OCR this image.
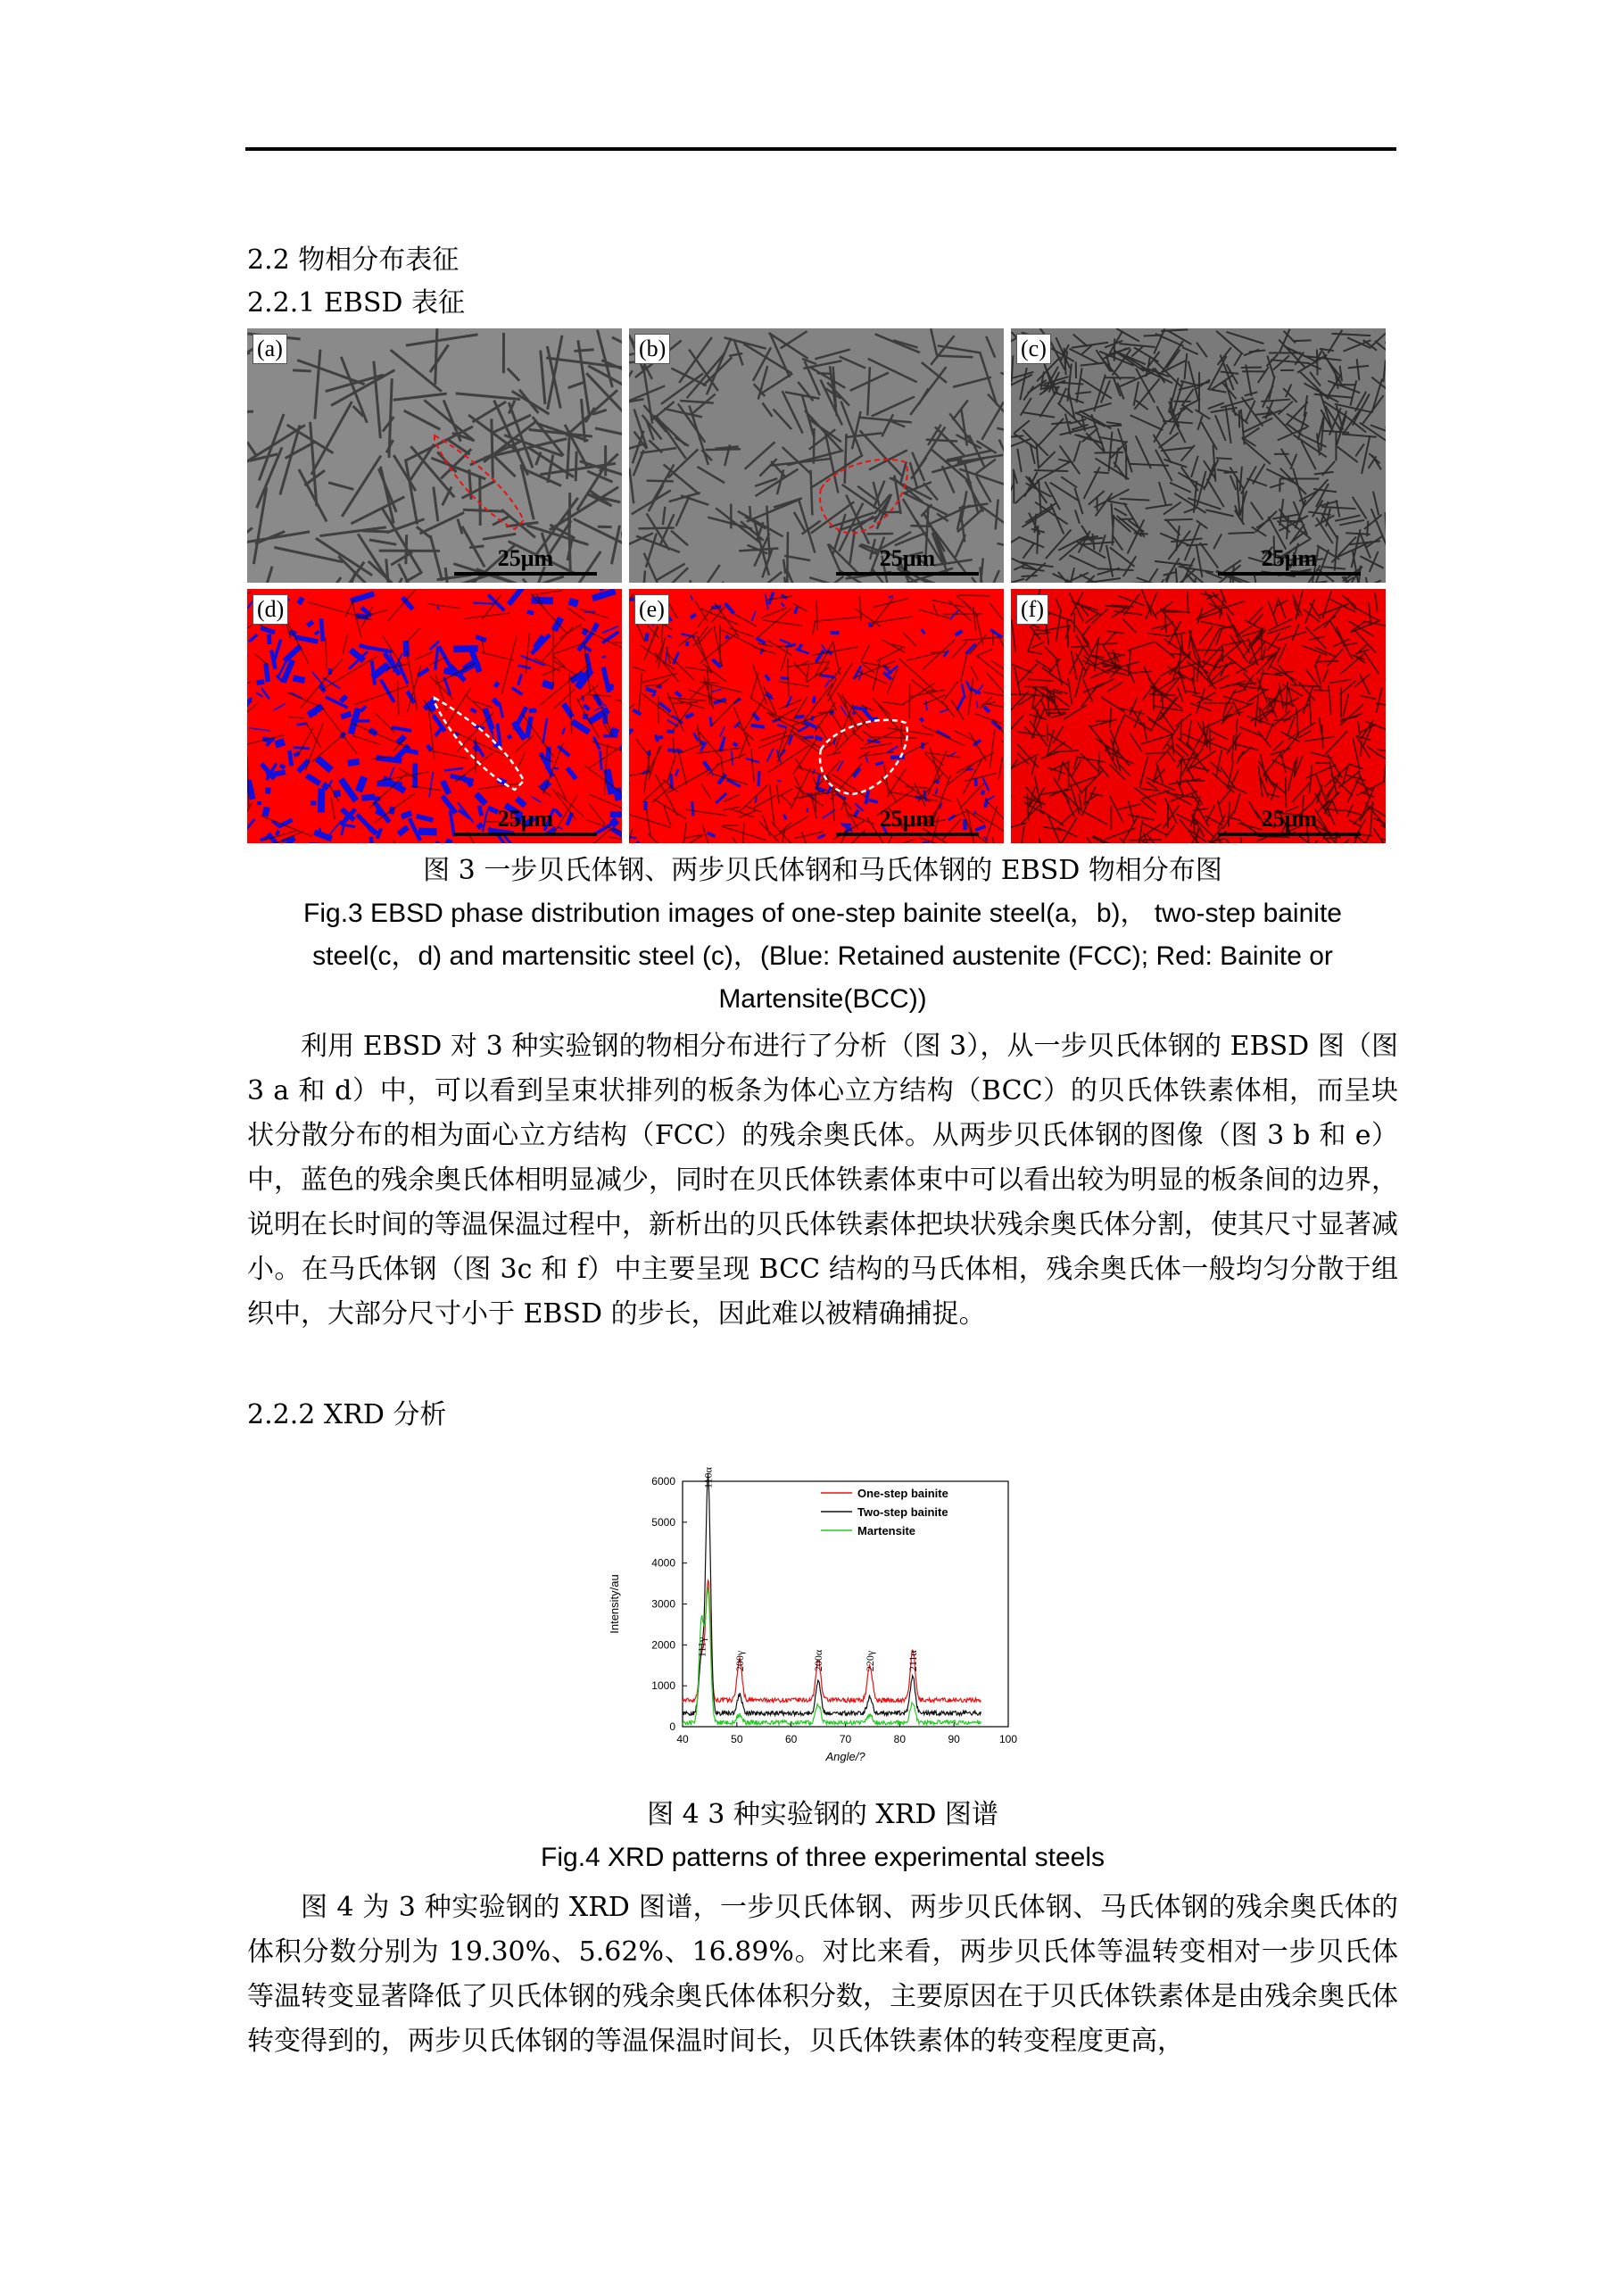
2.2 物相分布表征
2.2.1 EBSD 表征
(a)
25μm
(b)
25μm
(c)
25μm
(d)
25μm
(e)
25μm
(f)
25μm
图 3 一步贝氏体钢、两步贝氏体钢和马氏体钢的 EBSD 物相分布图
Fig.3 EBSD phase distribution images of one-step bainite steel(a，b)， two-step bainite steel(c，d) and martensitic steel (c)，(Blue: Retained austenite (FCC); Red: Bainite or Martensite(BCC))

利用 EBSD 对 3 种实验钢的物相分布进行了分析（图 3），从一步贝氏体钢的 EBSD 图（图 3 a 和 d）中，可以看到呈束状排列的板条为体心立方结构（BCC）的贝氏体铁素体相，而呈块状分散分布的相为面心立方结构（FCC）的残余奥氏体。从两步贝氏体钢的图像（图 3 b 和 e）中，蓝色的残余奥氏体相明显减少，同时在贝氏体铁素体束中可以看出较为明显的板条间的边界，说明在长时间的等温保温过程中，新析出的贝氏体铁素体把块状残余奥氏体分割，使其尺寸显著减小。在马氏体钢（图 3c 和 f）中主要呈现 BCC 结构的马氏体相，残余奥氏体一般均匀分散于组织中，大部分尺寸小于 EBSD 的步长，因此难以被精确捕捉。

2.2.2 XRD 分析
40	50	60	70	80	90	100
0
1000
2000
3000
4000
5000
6000
Angle/?
Intensity/au
111γ
110α
200γ	200α	220γ	211α
One-step bainite
Two-step bainite
Martensite
图 4 3 种实验钢的 XRD 图谱
Fig.4 XRD patterns of three experimental steels

图 4 为 3 种实验钢的 XRD 图谱，一步贝氏体钢、两步贝氏体钢、马氏体钢的残余奥氏体的体积分数分别为 19.30%、5.62%、16.89%。对比来看，两步贝氏体等温转变相对一步贝氏体等温转变显著降低了贝氏体钢的残余奥氏体体积分数，主要原因在于贝氏体铁素体是由残余奥氏体转变得到的，两步贝氏体钢的等温保温时间长，贝氏体铁素体的转变程度更高，
